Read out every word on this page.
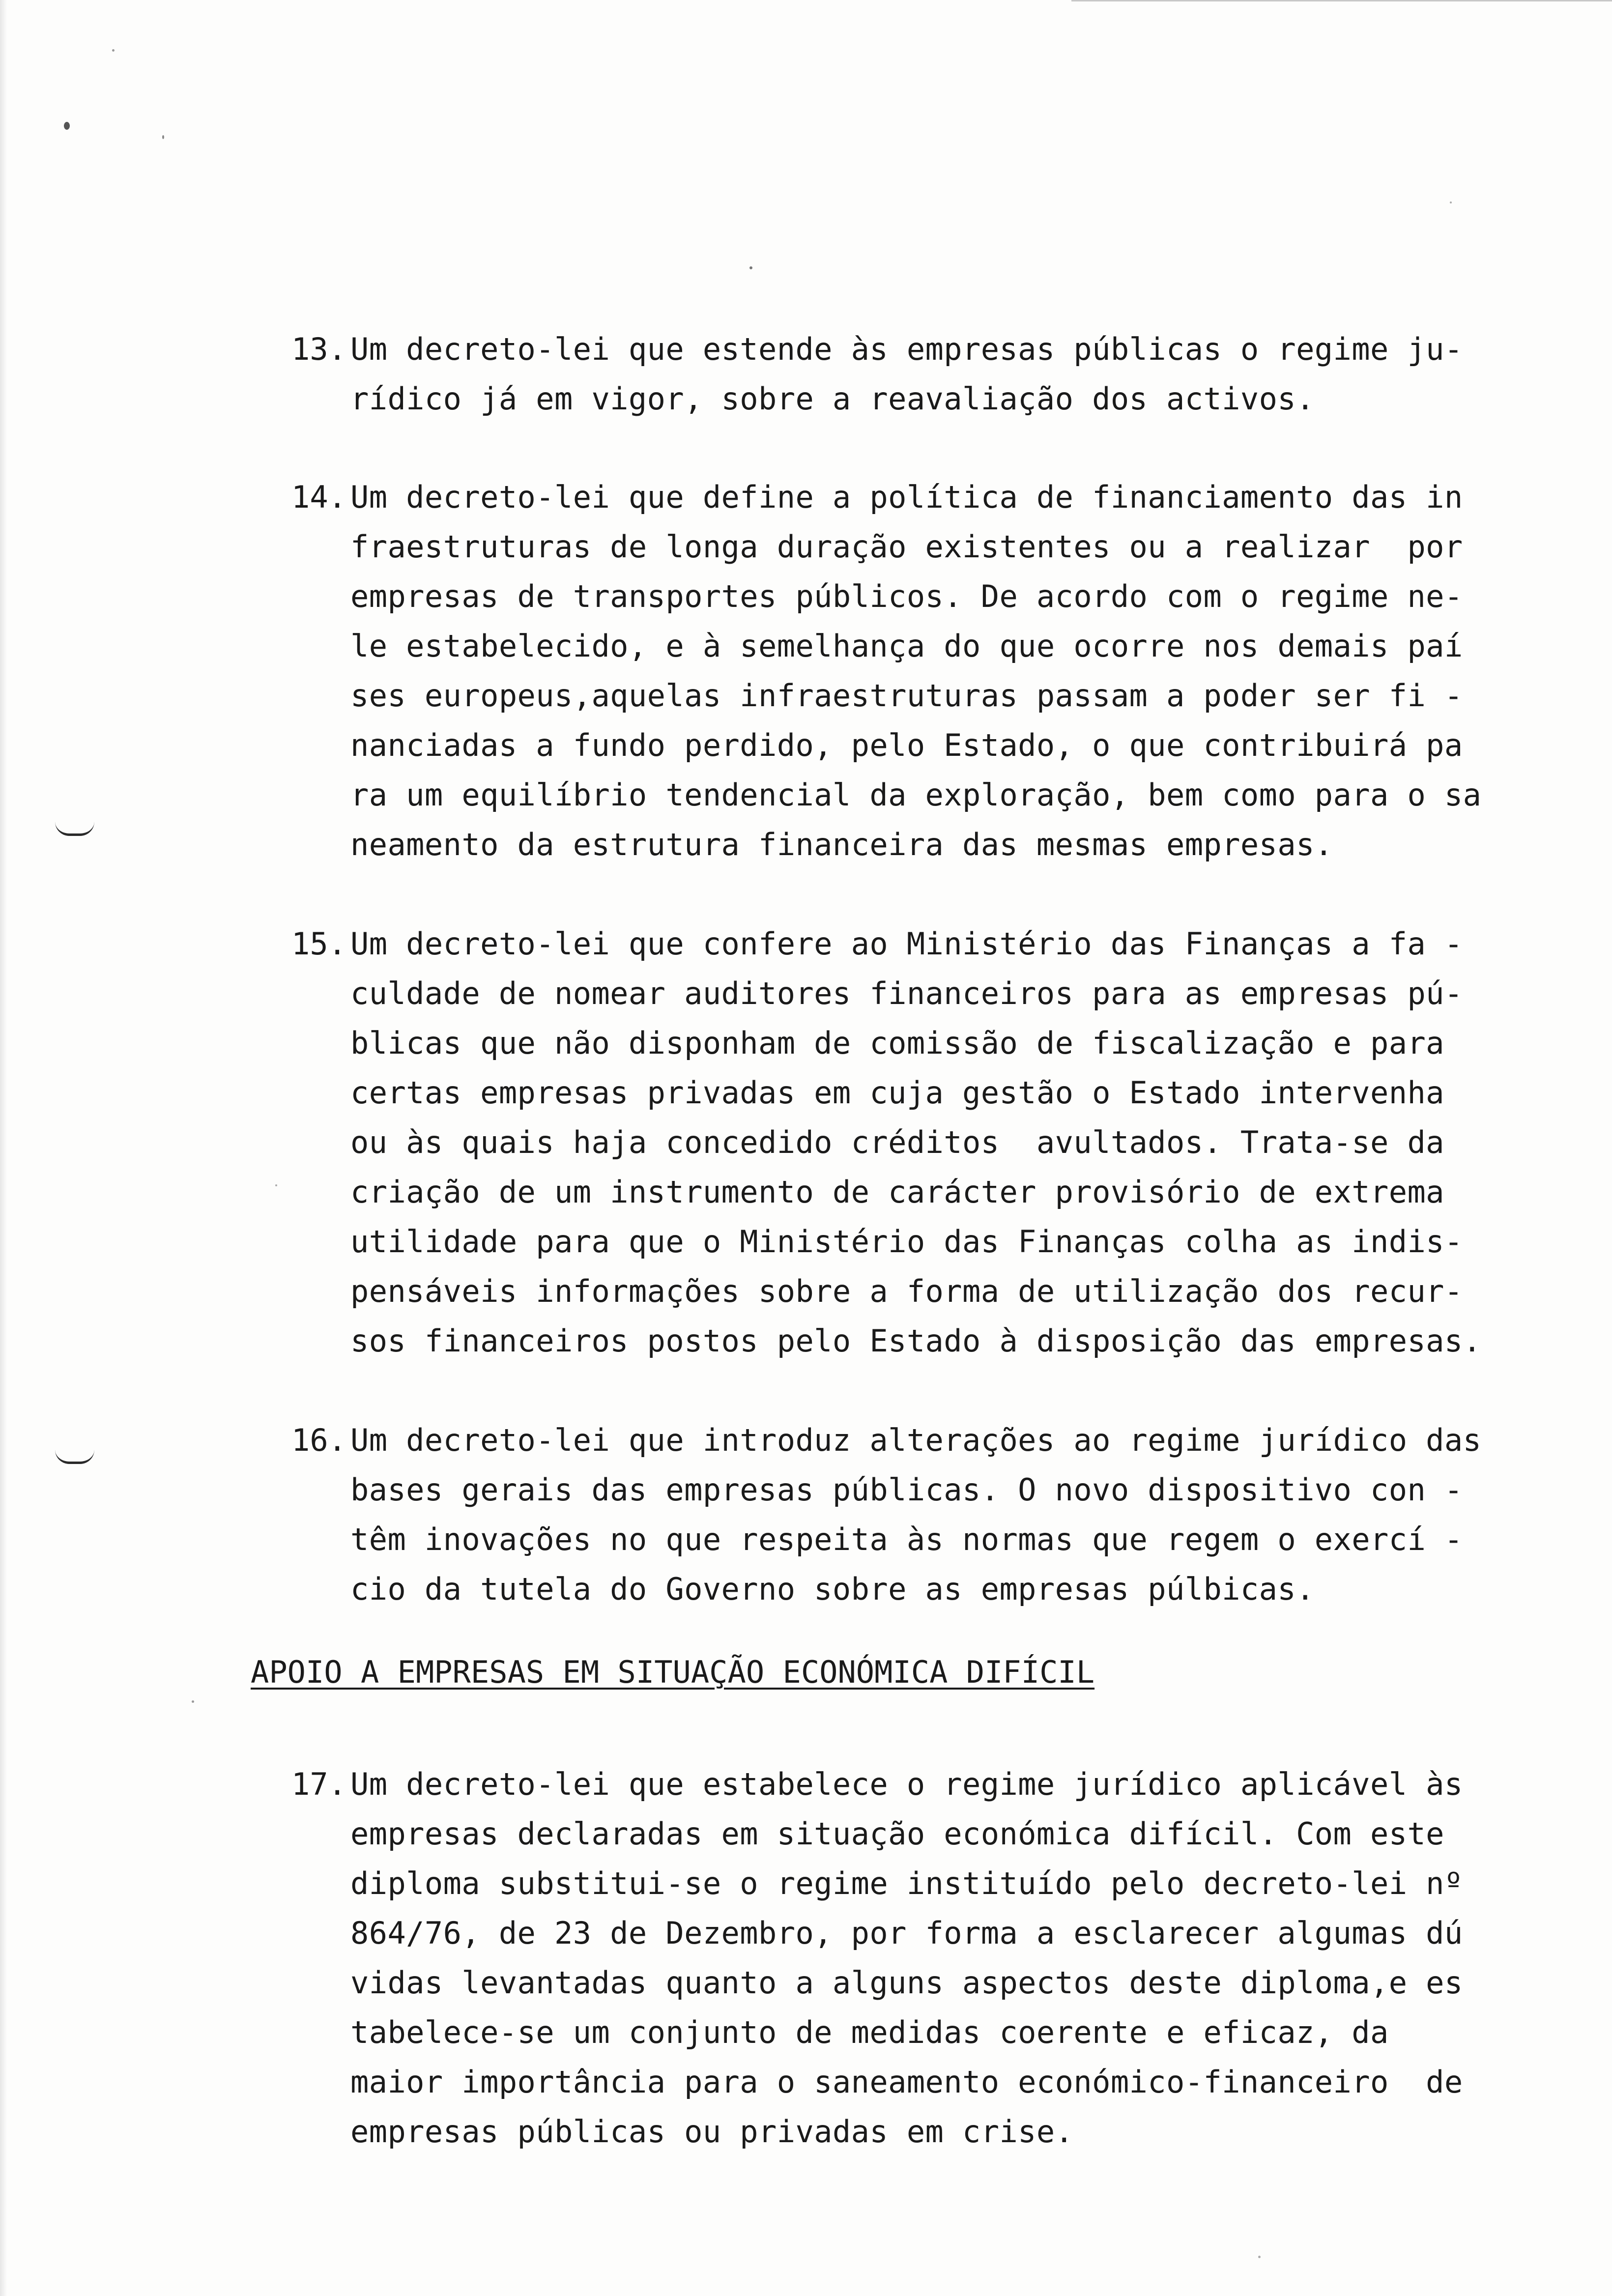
13. Um decreto-lei que estende às empresas públicas o regime ju-
rídico já em vigor, sobre a reavaliação dos activos.
14. Um decreto-lei que define a política de financiamento das in
fraestruturas de longa duração existentes ou a realizar  por
empresas de transportes públicos. De acordo com o regime ne-
le estabelecido, e à semelhança do que ocorre nos demais paí
ses europeus,aquelas infraestruturas passam a poder ser fi -
nanciadas a fundo perdido, pelo Estado, o que contribuirá pa
ra um equilíbrio tendencial da exploração, bem como para o sa
neamento da estrutura financeira das mesmas empresas.
15. Um decreto-lei que confere ao Ministério das Finanças a fa -
culdade de nomear auditores financeiros para as empresas pú-
blicas que não disponham de comissão de fiscalização e para
certas empresas privadas em cuja gestão o Estado intervenha
ou às quais haja concedido créditos  avultados. Trata-se da
criação de um instrumento de carácter provisório de extrema
utilidade para que o Ministério das Finanças colha as indis-
pensáveis informações sobre a forma de utilização dos recur-
sos financeiros postos pelo Estado à disposição das empresas.
16. Um decreto-lei que introduz alterações ao regime jurídico das
bases gerais das empresas públicas. O novo dispositivo con -
têm inovações no que respeita às normas que regem o exercí -
cio da tutela do Governo sobre as empresas púlbicas.
APOIO A EMPRESAS EM SITUAÇÃO ECONÓMICA DIFÍCIL
17. Um decreto-lei que estabelece o regime jurídico aplicável às
empresas declaradas em situação económica difícil. Com este
diploma substitui-se o regime instituído pelo decreto-lei nº
864/76, de 23 de Dezembro, por forma a esclarecer algumas dú
vidas levantadas quanto a alguns aspectos deste diploma,e es
tabelece-se um conjunto de medidas coerente e eficaz, da
maior importância para o saneamento económico-financeiro  de
empresas públicas ou privadas em crise.
